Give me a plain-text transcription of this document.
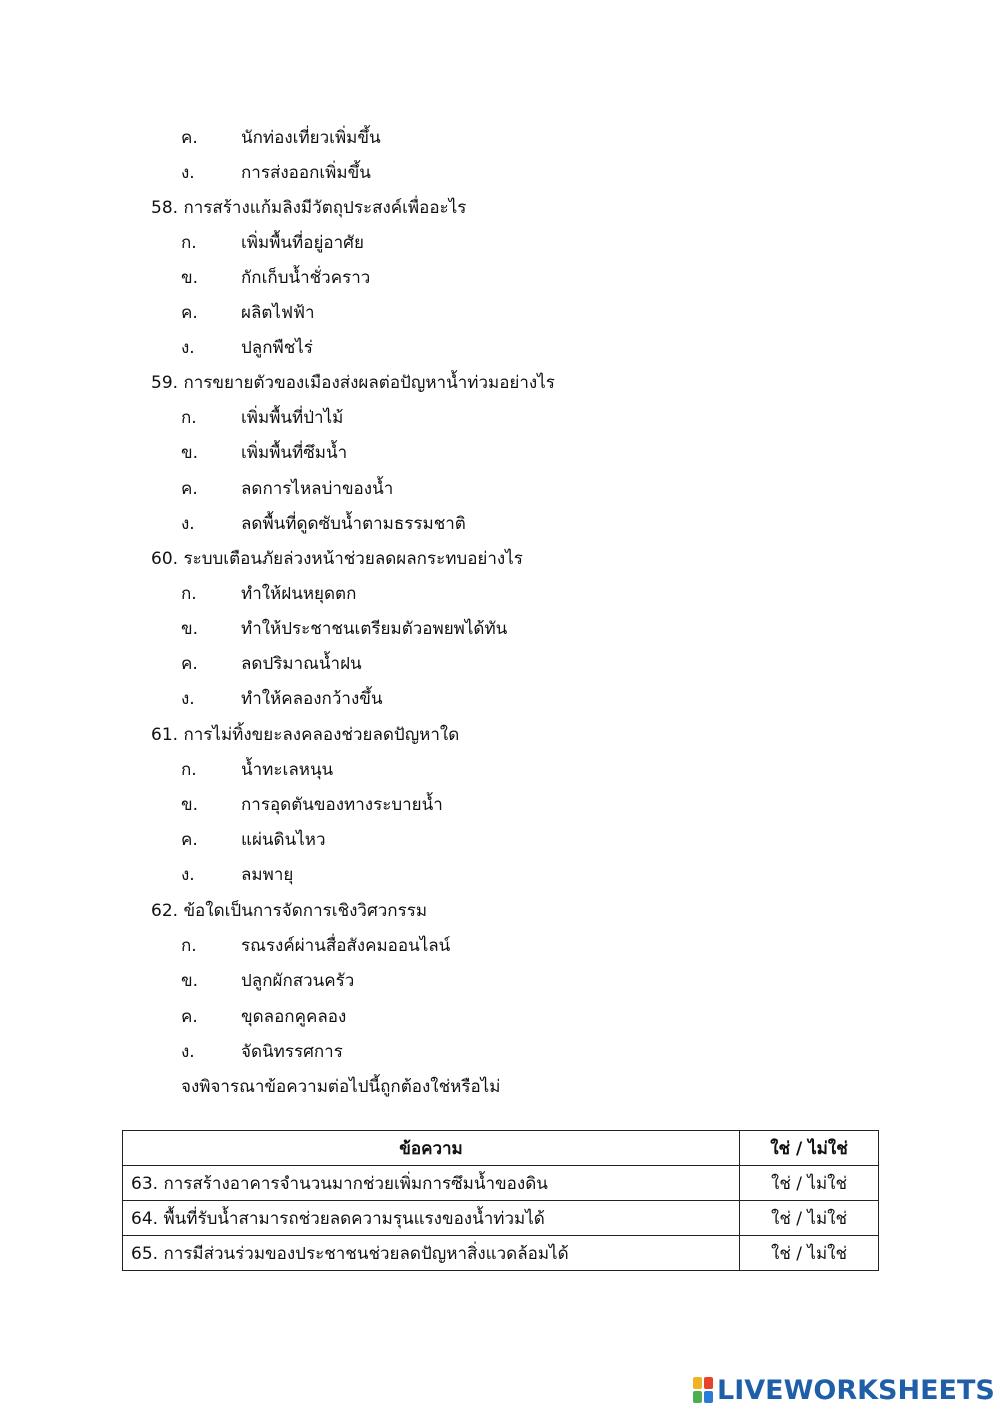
ค.	นักท่องเที่ยวเพิ่มขึ้น
ง.	การส่งออกเพิ่มขึ้น
58. การสร้างแก้มลิงมีวัตถุประสงค์เพื่ออะไร
ก.	เพิ่มพื้นที่อยู่อาศัย
ข.	กักเก็บน้ำชั่วคราว
ค.	ผลิตไฟฟ้า
ง.	ปลูกพืชไร่
59. การขยายตัวของเมืองส่งผลต่อปัญหาน้ำท่วมอย่างไร
ก.	เพิ่มพื้นที่ป่าไม้
ข.	เพิ่มพื้นที่ซึมน้ำ
ค.	ลดการไหลบ่าของน้ำ
ง.	ลดพื้นที่ดูดซับน้ำตามธรรมชาติ
60. ระบบเตือนภัยล่วงหน้าช่วยลดผลกระทบอย่างไร
ก.	ทำให้ฝนหยุดตก
ข.	ทำให้ประชาชนเตรียมตัวอพยพได้ทัน
ค.	ลดปริมาณน้ำฝน
ง.	ทำให้คลองกว้างขึ้น
61. การไม่ทิ้งขยะลงคลองช่วยลดปัญหาใด
ก.	น้ำทะเลหนุน
ข.	การอุดตันของทางระบายน้ำ
ค.	แผ่นดินไหว
ง.	ลมพายุ
62. ข้อใดเป็นการจัดการเชิงวิศวกรรม
ก.	รณรงค์ผ่านสื่อสังคมออนไลน์
ข.	ปลูกผักสวนครัว
ค.	ขุดลอกคูคลอง
ง.	จัดนิทรรศการ
จงพิจารณาข้อความต่อไปนี้ถูกต้องใช่หรือไม่
ข้อความ	ใช่ / ไม่ใช่
63. การสร้างอาคารจำนวนมากช่วยเพิ่มการซึมน้ำของดิน	ใช่ / ไม่ใช่
64. พื้นที่รับน้ำสามารถช่วยลดความรุนแรงของน้ำท่วมได้	ใช่ / ไม่ใช่
65. การมีส่วนร่วมของประชาชนช่วยลดปัญหาสิ่งแวดล้อมได้	ใช่ / ไม่ใช่
LIVEWORKSHEETS
